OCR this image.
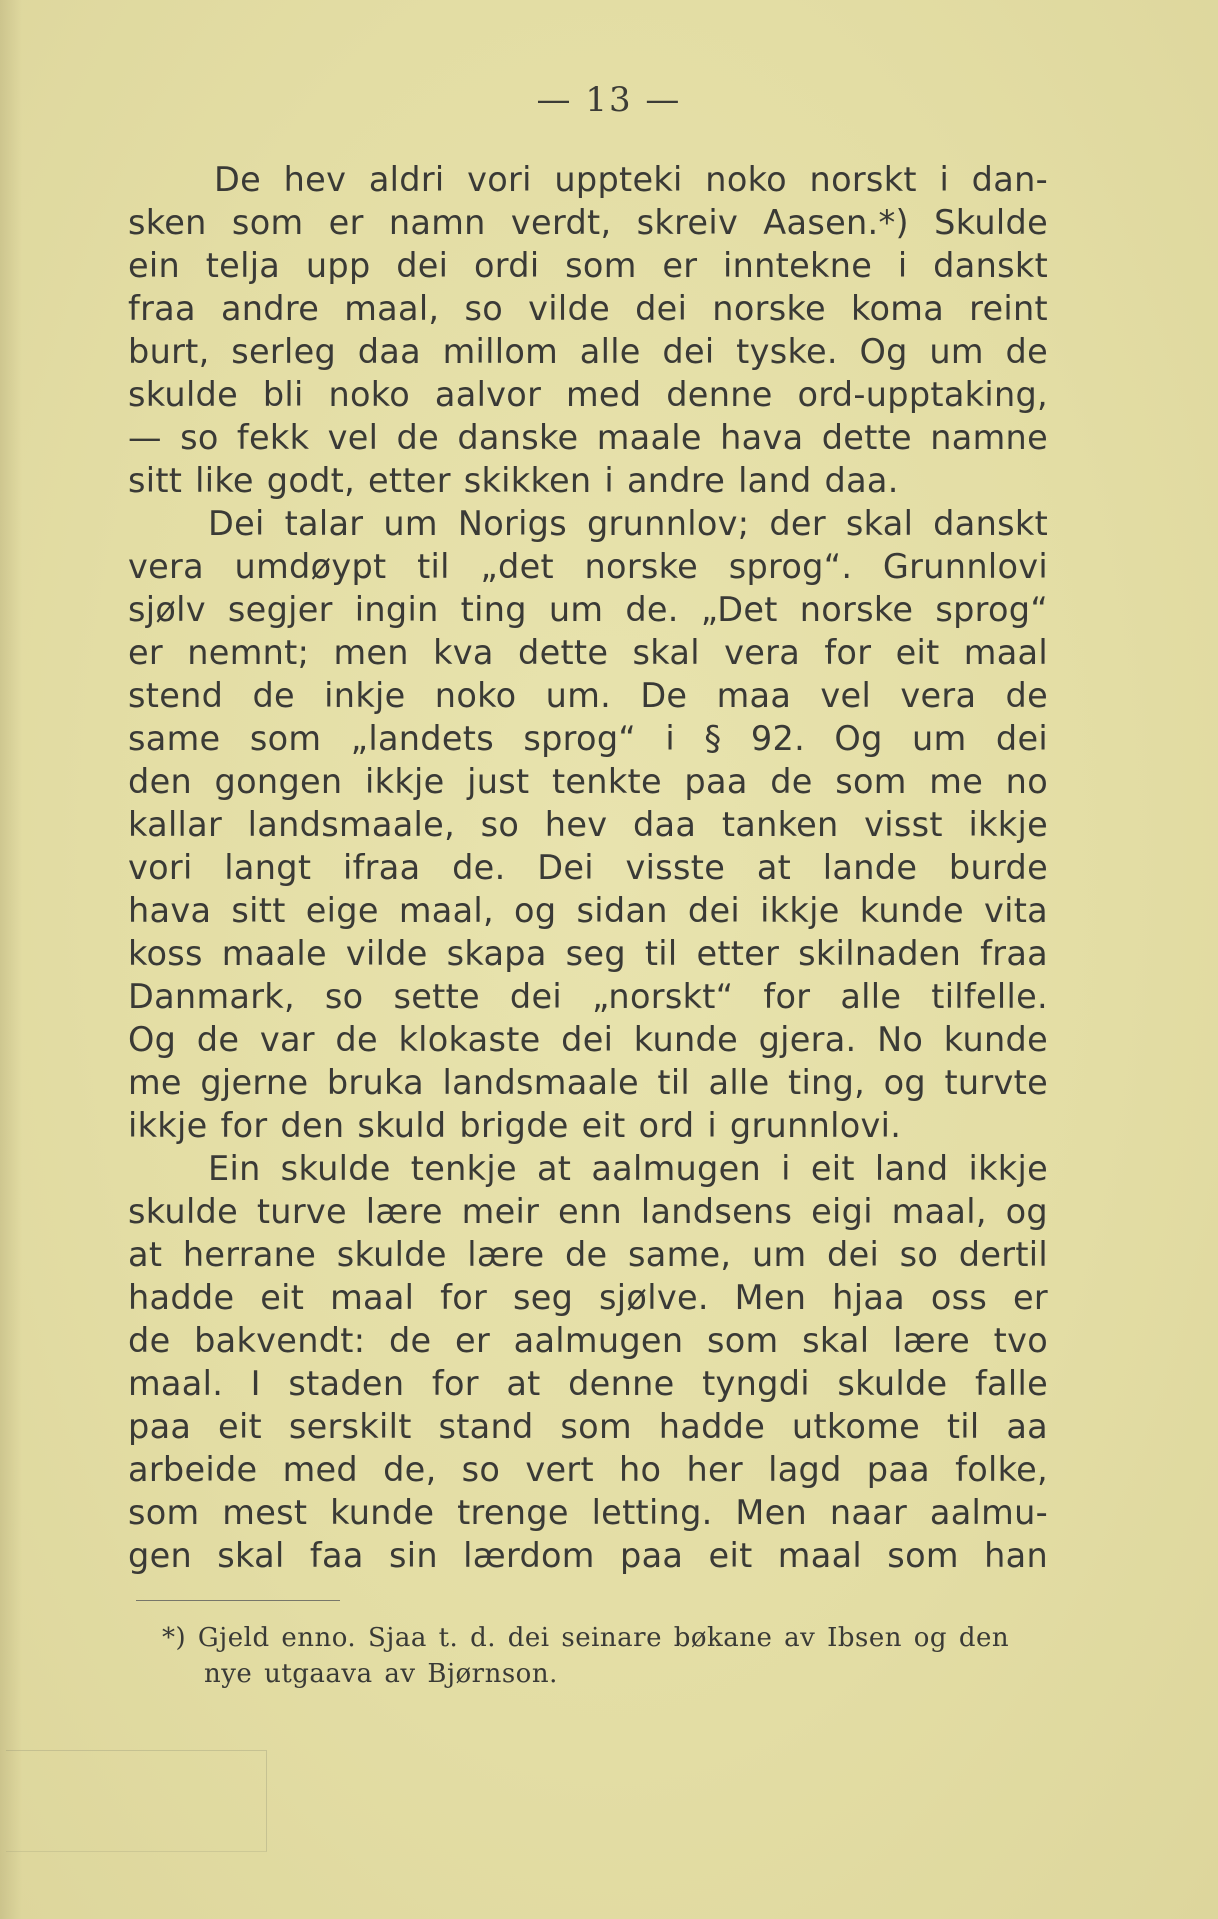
— 13 —
De hev aldri vori uppteki noko norskt i dan-
sken som er namn verdt, skreiv Aasen.*) Skulde
ein telja upp dei ordi som er inntekne i danskt
fraa andre maal, so vilde dei norske koma reint
burt, serleg daa millom alle dei tyske. Og um de
skulde bli noko aalvor med denne ord-upptaking,
— so fekk vel de danske maale hava dette namne
sitt like godt, etter skikken i andre land daa.
Dei talar um Norigs grunnlov; der skal danskt
vera umdøypt til „det norske sprog“. Grunnlovi
sjølv segjer ingin ting um de. „Det norske sprog“
er nemnt; men kva dette skal vera for eit maal
stend de inkje noko um. De maa vel vera de
same som „landets sprog“ i § 92. Og um dei
den gongen ikkje just tenkte paa de som me no
kallar landsmaale, so hev daa tanken visst ikkje
vori langt ifraa de. Dei visste at lande burde
hava sitt eige maal, og sidan dei ikkje kunde vita
koss maale vilde skapa seg til etter skilnaden fraa
Danmark, so sette dei „norskt“ for alle tilfelle.
Og de var de klokaste dei kunde gjera. No kunde
me gjerne bruka landsmaale til alle ting, og turvte
ikkje for den skuld brigde eit ord i grunnlovi.
Ein skulde tenkje at aalmugen i eit land ikkje
skulde turve lære meir enn landsens eigi maal, og
at herrane skulde lære de same, um dei so dertil
hadde eit maal for seg sjølve. Men hjaa oss er
de bakvendt: de er aalmugen som skal lære tvo
maal. I staden for at denne tyngdi skulde falle
paa eit serskilt stand som hadde utkome til aa
arbeide med de, so vert ho her lagd paa folke,
som mest kunde trenge letting. Men naar aalmu-
gen skal faa sin lærdom paa eit maal som han
*) Gjeld enno. Sjaa t. d. dei seinare bøkane av Ibsen og den
nye utgaava av Bjørnson.
